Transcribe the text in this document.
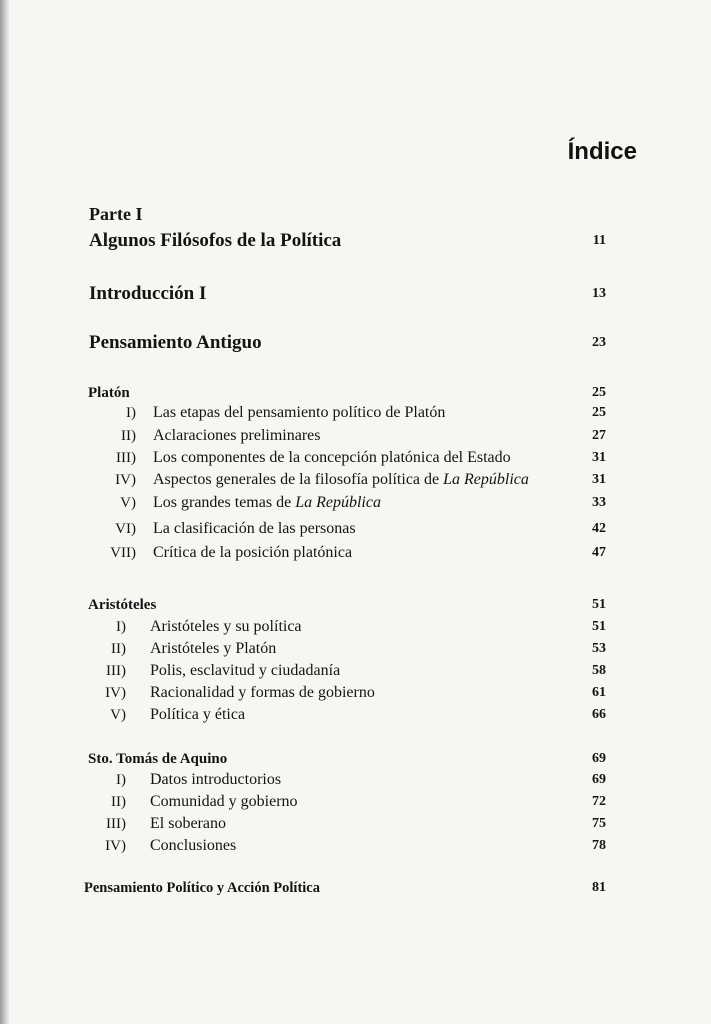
Índice
Parte I
Algunos Filósofos de la Política	11
Introducción I	13
Pensamiento Antiguo	23
Platón	25
I) Las etapas del pensamiento político de Platón	25
II) Aclaraciones preliminares	27
III) Los componentes de la concepción platónica del Estado	31
IV) Aspectos generales de la filosofía política de La República	31
V) Los grandes temas de La República	33
VI) La clasificación de las personas	42
VII) Crítica de la posición platónica	47
Aristóteles	51
I) Aristóteles y su política	51
II) Aristóteles y Platón	53
III) Polis, esclavitud y ciudadanía	58
IV) Racionalidad y formas de gobierno	61
V) Política y ética	66
Sto. Tomás de Aquino	69
I) Datos introductorios	69
II) Comunidad y gobierno	72
III) El soberano	75
IV) Conclusiones	78
Pensamiento Político y Acción Política	81
